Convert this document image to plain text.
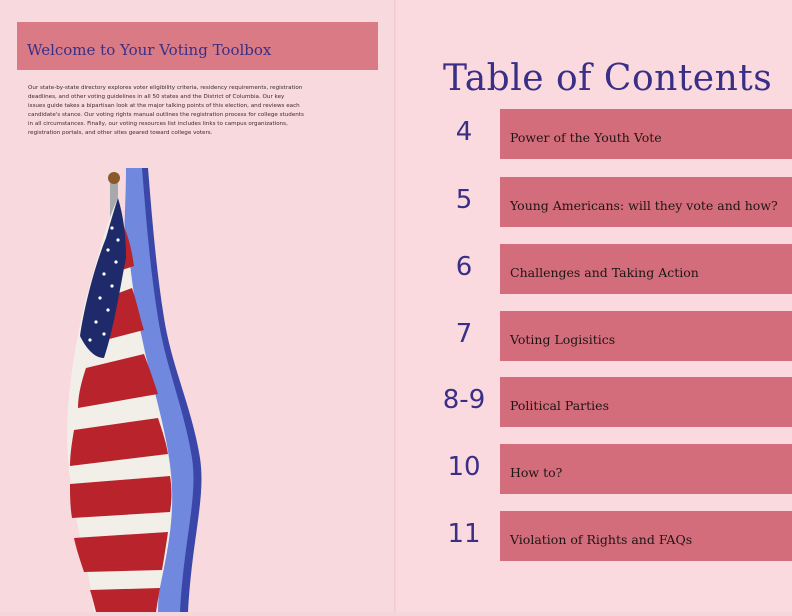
Welcome to Your Voting Toolbox
Our state-by-state directory explores voter eligibility criteria, residency requirements, registration
deadlines, and other voting guidelines in all 50 states and the District of Columbia. Our key
issues guide takes a bipartisan look at the major talking points of this election, and reviews each
candidate's stance. Our voting rights manual outlines the registration process for college students
in all circumstances. Finally, our voting resources list includes links to campus organizations,
registration portals, and other sites geared toward college voters.
Table of Contents
4	Power of the Youth Vote
5	Young Americans: will they vote and how?
6	Challenges and Taking Action
7	Voting Logisitics
8-9	Political Parties
10	How to?
11	Violation of Rights and FAQs
